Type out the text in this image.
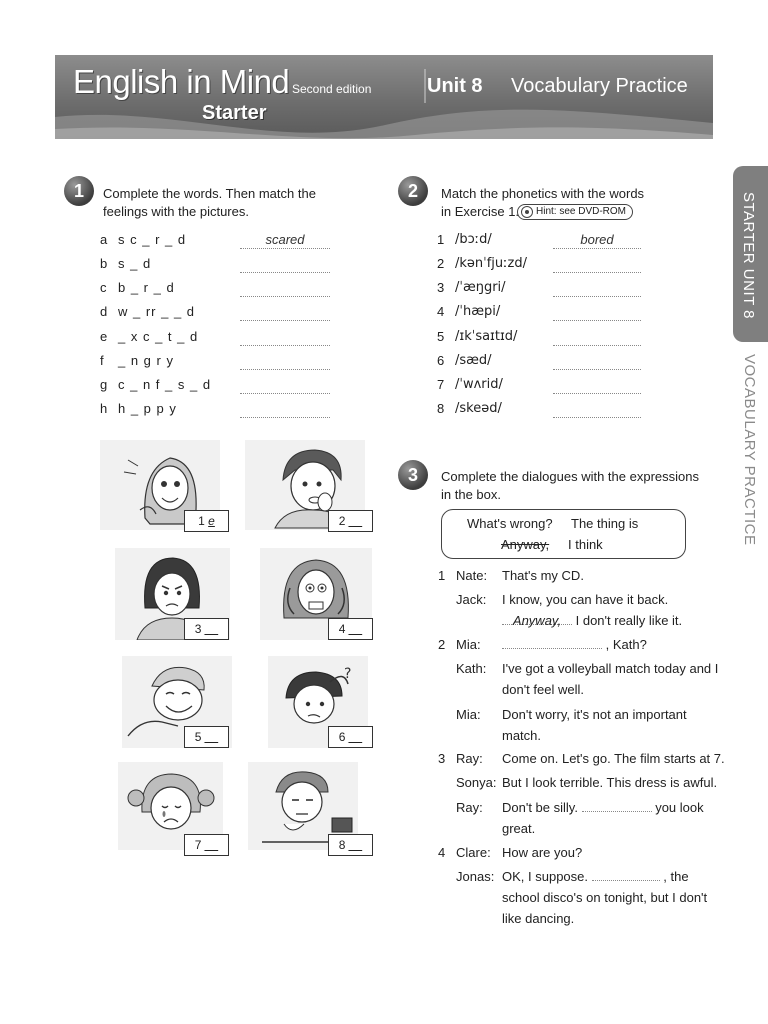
English in Mind Second edition
Starter
Unit 8 Vocabulary Practice
STARTER UNIT 8
VOCABULARY PRACTICE
1	Complete the words. Then match the
feelings with the pictures.
a s c _ r _ d	scared
b s _ d
c b _ r _ d
d w _ rr _ _ d
e _ x c _ t _ d
f _ n g r y
g c _ n f _ s _ d
h h _ p p y
1 e	2 __
3 __	4 __
5 __
?
6 __
7 __	8 __
2	Match the phonetics with the words
in Exercise 1.	Hint: see DVD-ROM
1 /bɔːd/	bored
2 /kənˈfjuːzd/
3 /ˈæŋgri/
4 /ˈhæpi/
5 /ɪkˈsaɪtɪd/
6 /sæd/
7 /ˈwʌrid/
8 /skeəd/
3	Complete the dialogues with the expressions
in the box.
What's wrong? The thing is
Anyway, I think
1 Nate: That's my CD.
Jack: I know, you can have it back.
Anyway, I don't really like it.
2 Mia:	, Kath?
Kath: I've got a volleyball match today and I
don't feel well.
Mia: Don't worry, it's not an important
match.
3 Ray: Come on. Let's go. The film starts at 7.
Sonya: But I look terrible. This dress is awful.
Ray: Don't be silly.	you look
great.
4 Clare: How are you?
Jonas: OK, I suppose.	, the
school disco's on tonight, but I don't
like dancing.
